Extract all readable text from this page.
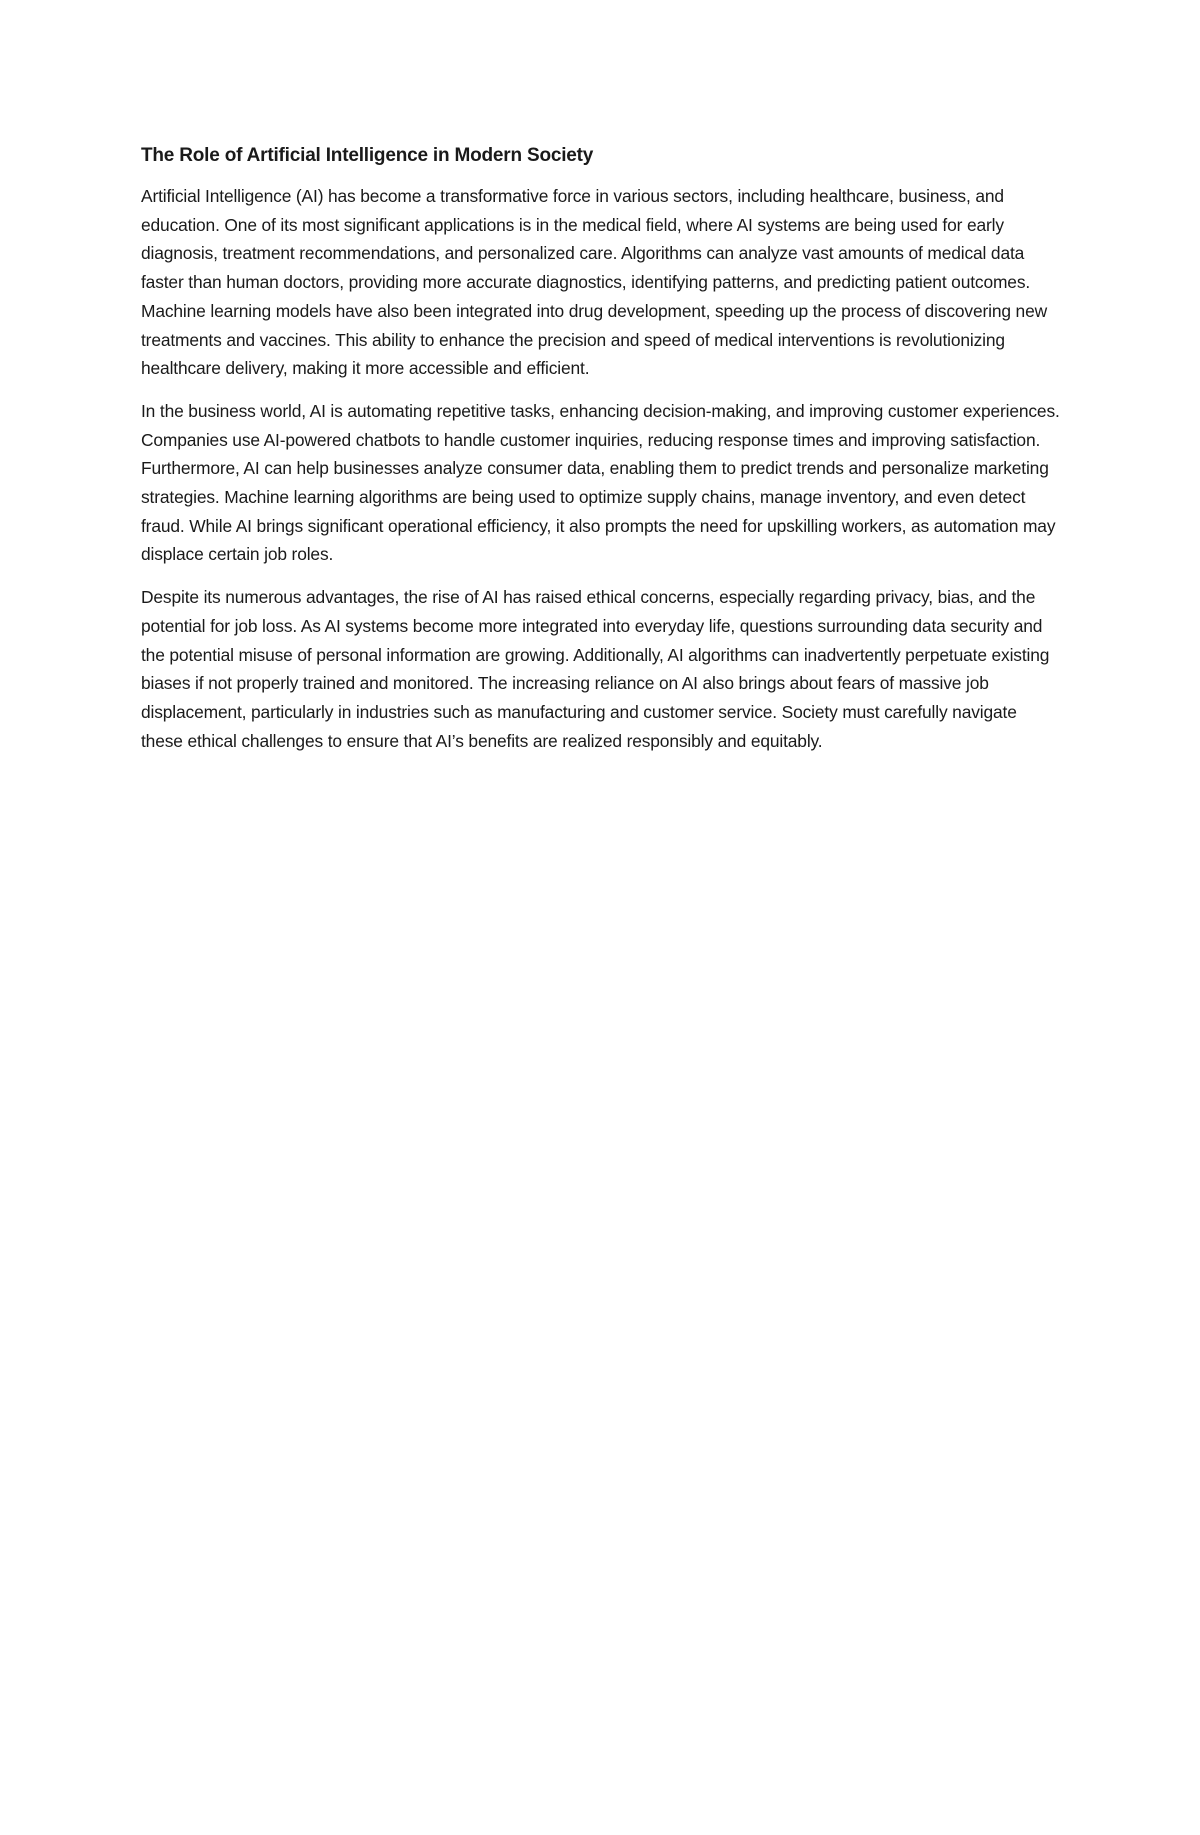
The Role of Artificial Intelligence in Modern Society

Artificial Intelligence (AI) has become a transformative force in various sectors, including healthcare, business, and education. One of its most significant applications is in the medical field, where AI systems are being used for early diagnosis, treatment recommendations, and personalized care. Algorithms can analyze vast amounts of medical data faster than human doctors, providing more accurate diagnostics, identifying patterns, and predicting patient outcomes. Machine learning models have also been integrated into drug development, speeding up the process of discovering new treatments and vaccines. This ability to enhance the precision and speed of medical interventions is revolutionizing healthcare delivery, making it more accessible and efficient.

In the business world, AI is automating repetitive tasks, enhancing decision-making, and improving customer experiences. Companies use AI-powered chatbots to handle customer inquiries, reducing response times and improving satisfaction. Furthermore, AI can help businesses analyze consumer data, enabling them to predict trends and personalize marketing strategies. Machine learning algorithms are being used to optimize supply chains, manage inventory, and even detect fraud. While AI brings significant operational efficiency, it also prompts the need for upskilling workers, as automation may displace certain job roles.

Despite its numerous advantages, the rise of AI has raised ethical concerns, especially regarding privacy, bias, and the potential for job loss. As AI systems become more integrated into everyday life, questions surrounding data security and the potential misuse of personal information are growing. Additionally, AI algorithms can inadvertently perpetuate existing biases if not properly trained and monitored. The increasing reliance on AI also brings about fears of massive job displacement, particularly in industries such as manufacturing and customer service. Society must carefully navigate these ethical challenges to ensure that AI’s benefits are realized responsibly and equitably.
